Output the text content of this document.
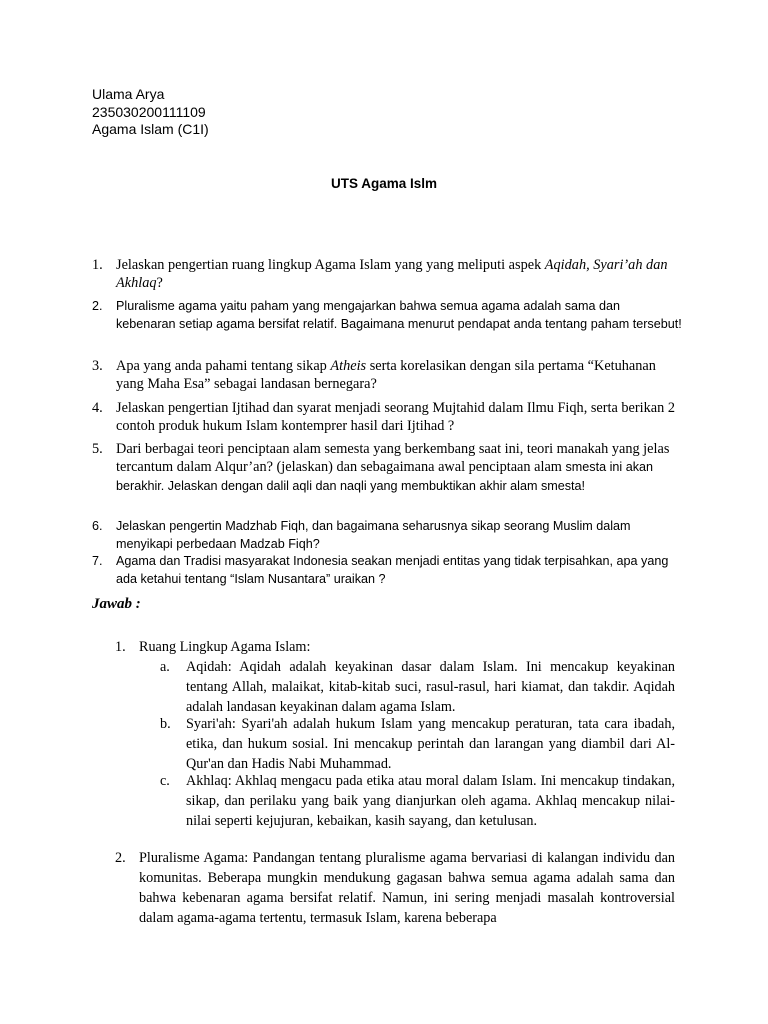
Ulama Arya
235030200111109
Agama Islam (C1I)
UTS Agama Islm
1. Jelaskan pengertian ruang lingkup Agama Islam yang yang meliputi aspek Aqidah, Syari’ah dan Akhlaq?
2.	Pluralisme agama yaitu paham yang mengajarkan bahwa semua agama adalah sama dan kebenaran setiap agama bersifat relatif. Bagaimana menurut pendapat anda tentang paham tersebut!
3. Apa yang anda pahami tentang sikap Atheis serta korelasikan dengan sila pertama “Ketuhanan yang Maha Esa” sebagai landasan bernegara?
4. Jelaskan pengertian Ijtihad dan syarat menjadi seorang Mujtahid dalam Ilmu Fiqh, serta berikan 2 contoh produk hukum Islam kontemprer hasil dari Ijtihad ?
5. Dari berbagai teori penciptaan alam semesta yang berkembang saat ini, teori manakah yang jelas tercantum dalam Alqur’an? (jelaskan) dan sebagaimana awal penciptaan alam smesta ini akan berakhir. Jelaskan dengan dalil aqli dan naqli yang membuktikan akhir alam smesta!
6.	Jelaskan pengertin Madzhab Fiqh, dan bagaimana seharusnya sikap seorang Muslim dalam menyikapi perbedaan Madzab Fiqh?
7.	Agama dan Tradisi masyarakat Indonesia seakan menjadi entitas yang tidak terpisahkan, apa yang ada ketahui tentang “Islam Nusantara” uraikan ?
Jawab :
1. Ruang Lingkup Agama Islam:
a. Aqidah: Aqidah adalah keyakinan dasar dalam Islam. Ini mencakup keyakinan tentang Allah, malaikat, kitab-kitab suci, rasul-rasul, hari kiamat, dan takdir. Aqidah adalah landasan keyakinan dalam agama Islam.
b. Syari'ah: Syari'ah adalah hukum Islam yang mencakup peraturan, tata cara ibadah, etika, dan hukum sosial. Ini mencakup perintah dan larangan yang diambil dari Al-Qur'an dan Hadis Nabi Muhammad.
c. Akhlaq: Akhlaq mengacu pada etika atau moral dalam Islam. Ini mencakup tindakan, sikap, dan perilaku yang baik yang dianjurkan oleh agama. Akhlaq mencakup nilai-nilai seperti kejujuran, kebaikan, kasih sayang, dan ketulusan.
2. Pluralisme Agama: Pandangan tentang pluralisme agama bervariasi di kalangan individu dan komunitas. Beberapa mungkin mendukung gagasan bahwa semua agama adalah sama dan bahwa kebenaran agama bersifat relatif. Namun, ini sering menjadi masalah kontroversial dalam agama-agama tertentu, termasuk Islam, karena beberapa
